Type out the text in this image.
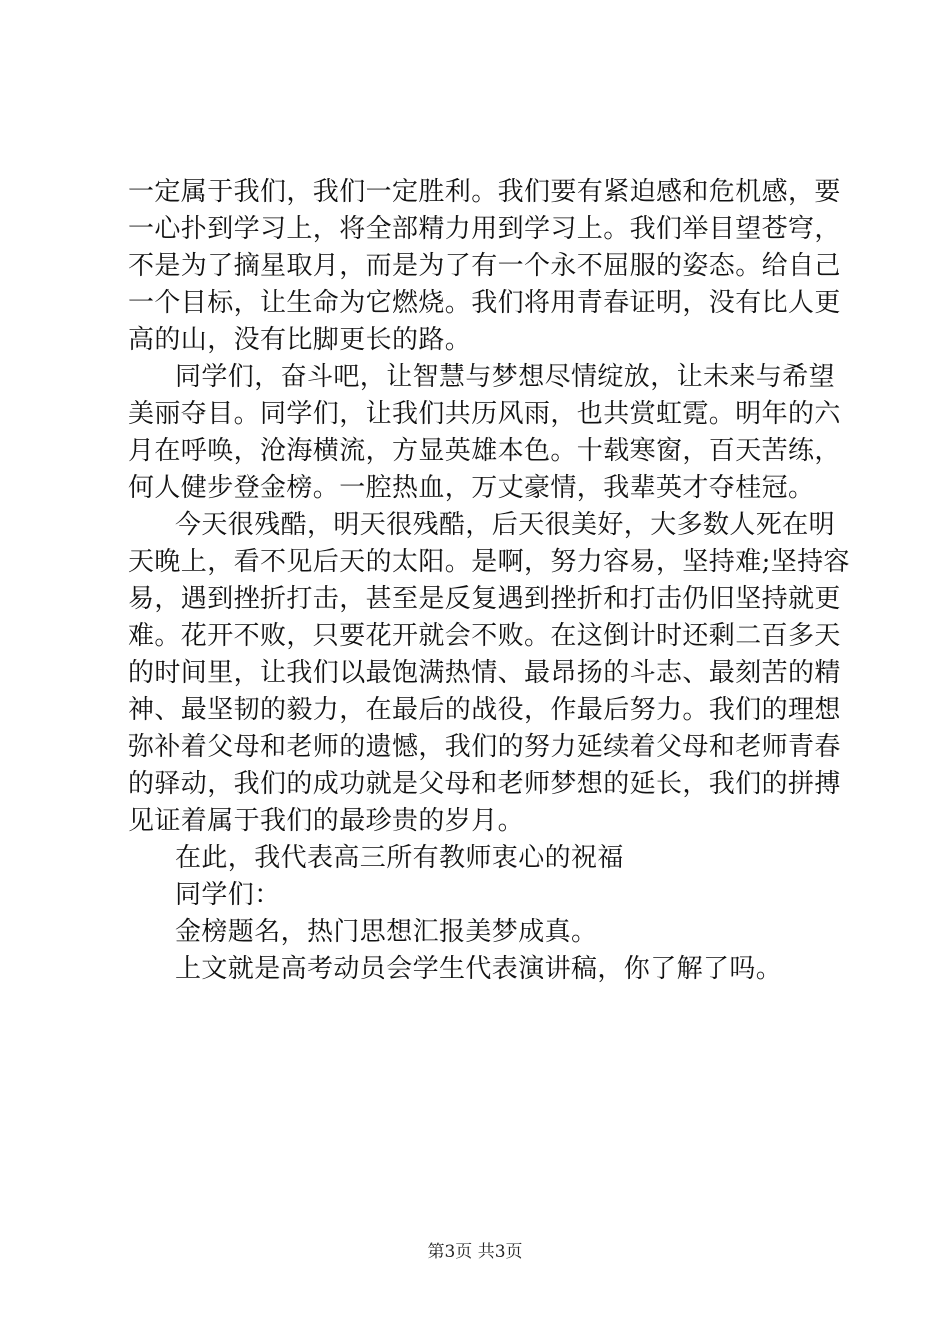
一定属于我们，我们一定胜利。我们要有紧迫感和危机感，要
一心扑到学习上，将全部精力用到学习上。我们举目望苍穹，
不是为了摘星取月，而是为了有一个永不屈服的姿态。给自己
一个目标，让生命为它燃烧。我们将用青春证明，没有比人更
高的山，没有比脚更长的路。
同学们，奋斗吧，让智慧与梦想尽情绽放，让未来与希望
美丽夺目。同学们，让我们共历风雨，也共赏虹霓。明年的六
月在呼唤，沧海横流，方显英雄本色。十载寒窗，百天苦练，
何人健步登金榜。一腔热血，万丈豪情，我辈英才夺桂冠。
今天很残酷，明天很残酷，后天很美好，大多数人死在明
天晚上，看不见后天的太阳。是啊，努力容易，坚持难;坚持容
易，遇到挫折打击，甚至是反复遇到挫折和打击仍旧坚持就更
难。花开不败，只要花开就会不败。在这倒计时还剩二百多天
的时间里，让我们以最饱满热情、最昂扬的斗志、最刻苦的精
神、最坚韧的毅力，在最后的战役，作最后努力。我们的理想
弥补着父母和老师的遗憾，我们的努力延续着父母和老师青春
的驿动，我们的成功就是父母和老师梦想的延长，我们的拼搏
见证着属于我们的最珍贵的岁月。
在此，我代表高三所有教师衷心的祝福
同学们：
金榜题名，热门思想汇报美梦成真。
上文就是高考动员会学生代表演讲稿，你了解了吗。
第3页 共3页
